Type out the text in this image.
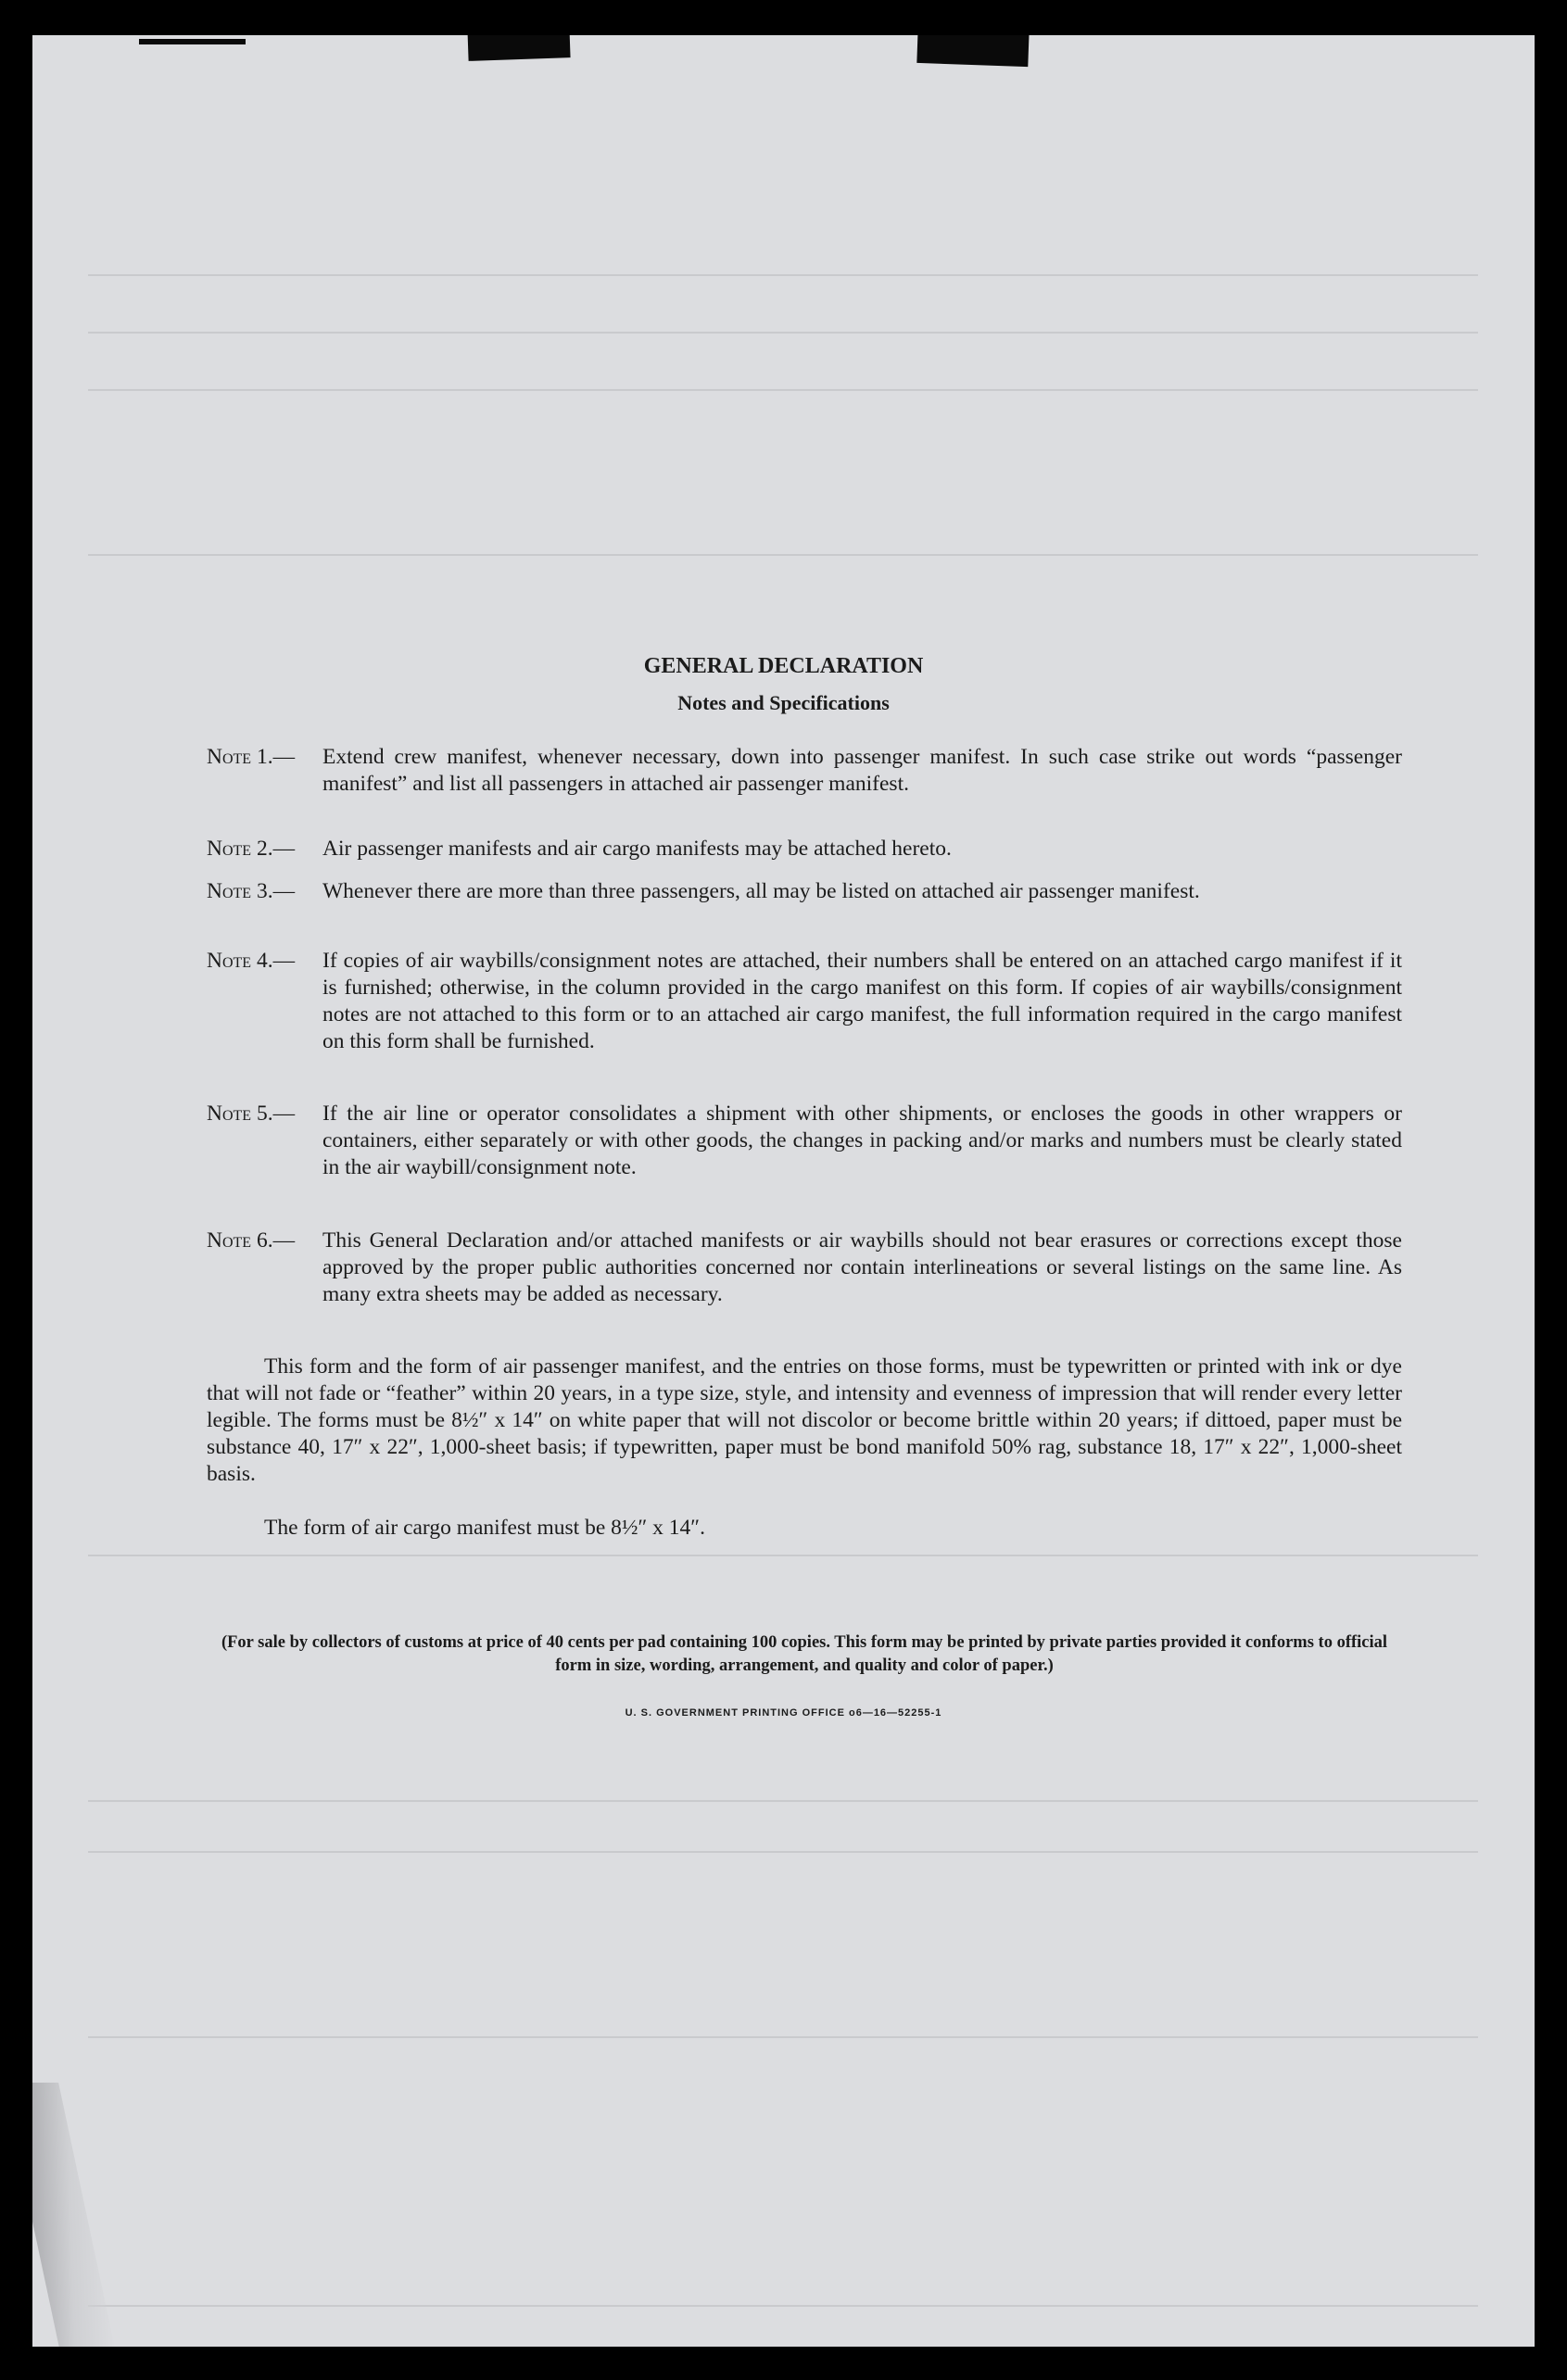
GENERAL DECLARATION
Notes and Specifications
Note 1.—	Extend crew manifest, whenever necessary, down into passenger manifest. In such case strike out words “passenger manifest” and list all passengers in attached air passenger manifest.
Note 2.—	Air passenger manifests and air cargo manifests may be attached hereto.
Note 3.—	Whenever there are more than three passengers, all may be listed on attached air passenger manifest.
Note 4.—	If copies of air waybills/consignment notes are attached, their numbers shall be entered on an attached cargo manifest if it is furnished; otherwise, in the column provided in the cargo manifest on this form. If copies of air waybills/consignment notes are not attached to this form or to an attached air cargo manifest, the full information required in the cargo manifest on this form shall be furnished.
Note 5.—	If the air line or operator consolidates a shipment with other shipments, or encloses the goods in other wrappers or containers, either separately or with other goods, the changes in packing and/or marks and numbers must be clearly stated in the air waybill/consignment note.
Note 6.—	This General Declaration and/or attached manifests or air waybills should not bear erasures or corrections except those approved by the proper public authorities concerned nor contain interlineations or several listings on the same line. As many extra sheets may be added as necessary.
This form and the form of air passenger manifest, and the entries on those forms, must be typewritten or printed with ink or dye that will not fade or “feather” within 20 years, in a type size, style, and intensity and evenness of impression that will render every letter legible. The forms must be 8½″ x 14″ on white paper that will not discolor or become brittle within 20 years; if dittoed, paper must be substance 40, 17″ x 22″, 1,000-sheet basis; if typewritten, paper must be bond manifold 50% rag, substance 18, 17″ x 22″, 1,000-sheet basis.
The form of air cargo manifest must be 8½″ x 14″.
(For sale by collectors of customs at price of 40 cents per pad containing 100 copies. This form may be printed by private parties provided it conforms to official form in size, wording, arrangement, and quality and color of paper.)
U. S. GOVERNMENT PRINTING OFFICE o6—16—52255-1
